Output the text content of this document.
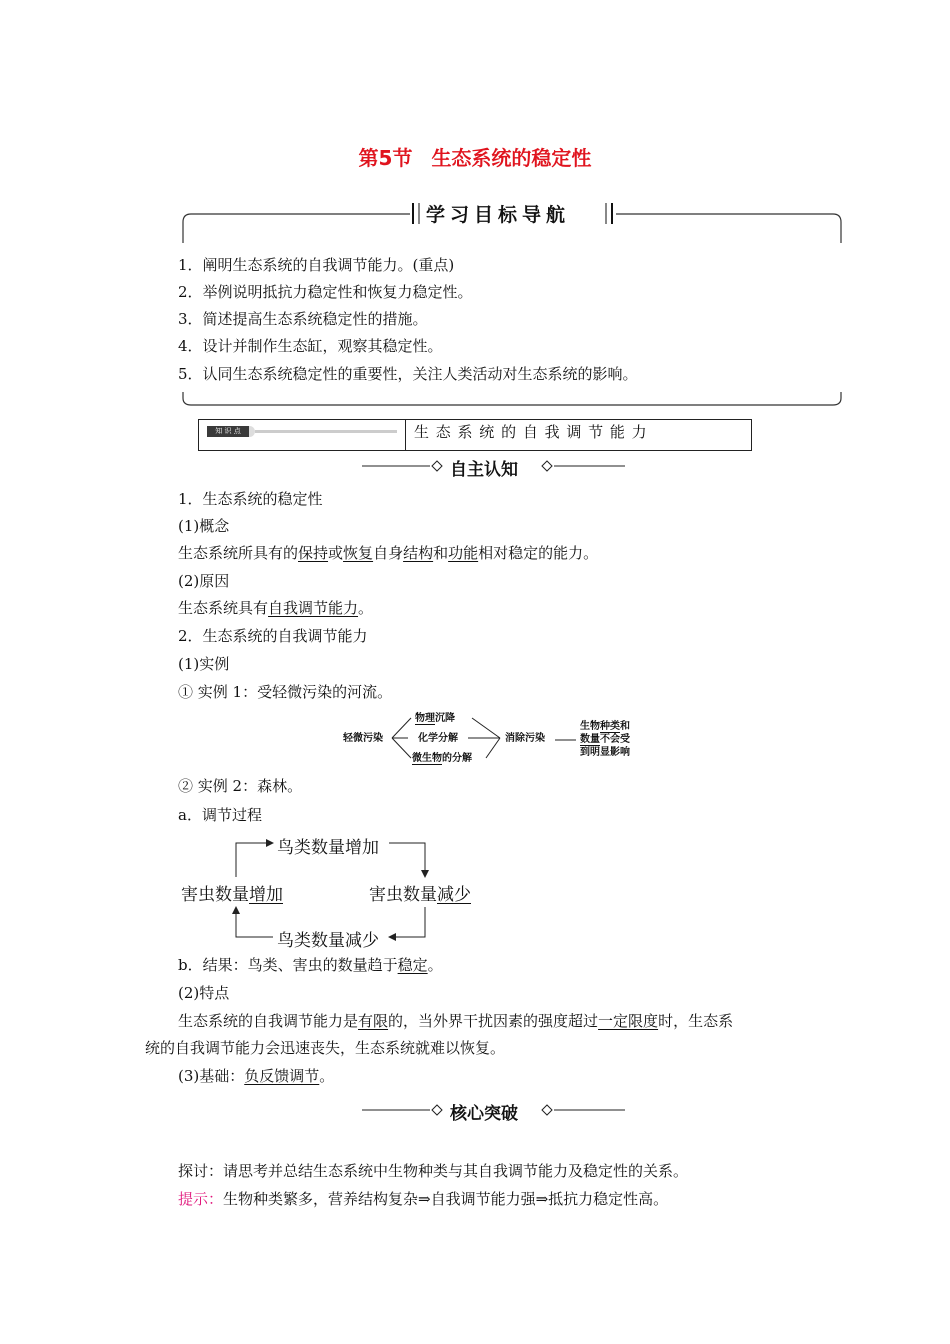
第5节 生态系统的稳定性
学习目标导航
1．阐明生态系统的自我调节能力。(重点)
2．举例说明抵抗力稳定性和恢复力稳定性。
3．简述提高生态系统稳定性的措施。
4．设计并制作生态缸，观察其稳定性。
5．认同生态系统稳定性的重要性，关注人类活动对生态系统的影响。
知 识 点	生 态 系 统 的 自 我 调 节 能 力
自主认知
1．生态系统的稳定性
(1)概念
生态系统所具有的保持或恢复自身结构和功能相对稳定的能力。
(2)原因
生态系统具有自我调节能力。
2．生态系统的自我调节能力
(1)实例
① 实例 1：受轻微污染的河流。
轻微污染
物理沉降
化学分解
微生物的分解
消除污染
生物种类和
数量不会受
到明显影响
② 实例 2：森林。
a．调节过程
鸟类数量增加
害虫数量增加	害虫数量减少
鸟类数量减少
b．结果：鸟类、害虫的数量趋于稳定。
(2)特点
生态系统的自我调节能力是有限的，当外界干扰因素的强度超过一定限度时，生态系
统的自我调节能力会迅速丧失，生态系统就难以恢复。
(3)基础：负反馈调节。
核心突破
探讨：请思考并总结生态系统中生物种类与其自我调节能力及稳定性的关系。
提示：生物种类繁多，营养结构复杂⇒自我调节能力强⇒抵抗力稳定性高。
